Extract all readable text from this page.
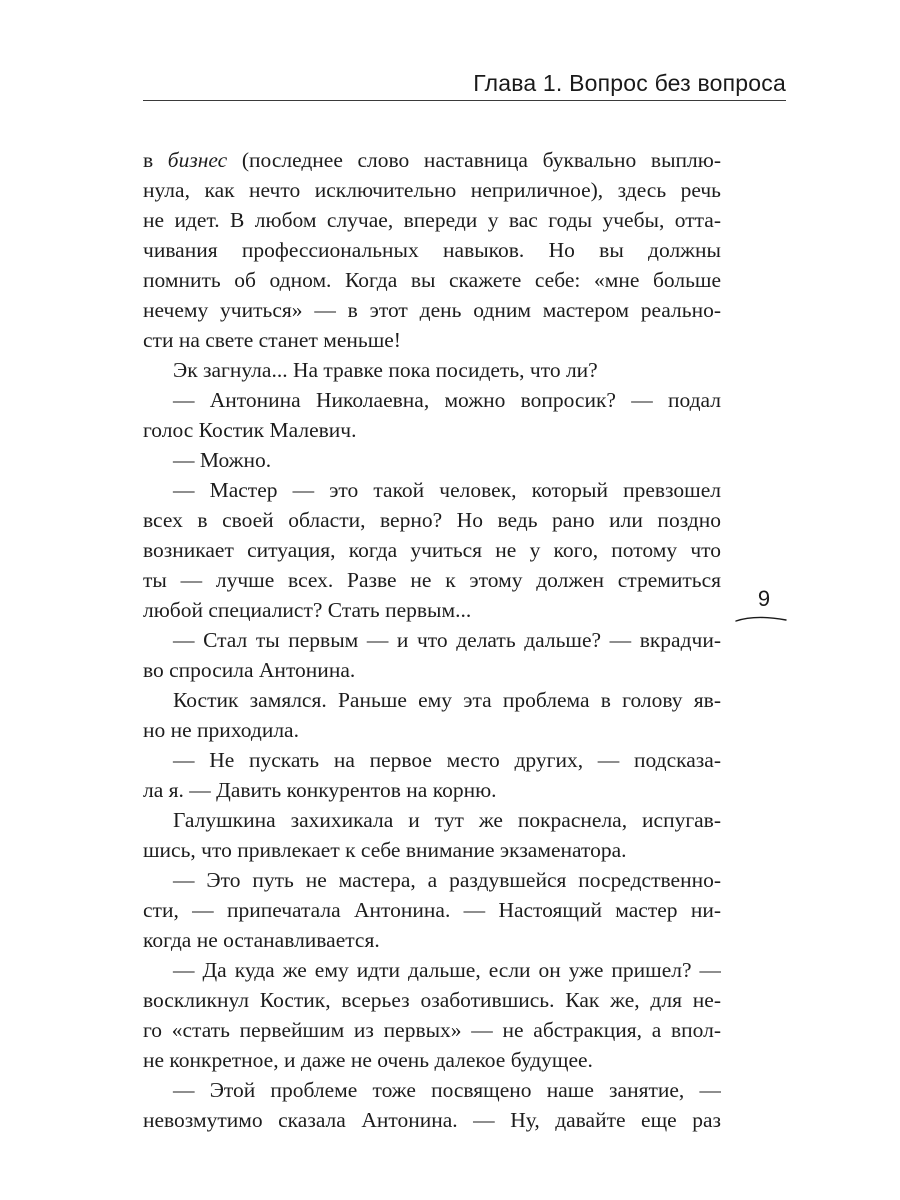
Глава 1. Вопрос без вопроса
9
в бизнес (последнее слово наставница буквально выплю-
нула, как нечто исключительно неприличное), здесь речь
не идет. В любом случае, впереди у вас годы учебы, отта-
чивания профессиональных навыков. Но вы должны
помнить об одном. Когда вы скажете себе: «мне больше
нечему учиться» — в этот день одним мастером реально-
сти на свете станет меньше!
Эк загнула... На травке пока посидеть, что ли?
— Антонина Николаевна, можно вопросик? — подал
голос Костик Малевич.
— Можно.
— Мастер — это такой человек, который превзошел
всех в своей области, верно? Но ведь рано или поздно
возникает ситуация, когда учиться не у кого, потому что
ты — лучше всех. Разве не к этому должен стремиться
любой специалист? Стать первым...
— Стал ты первым — и что делать дальше? — вкрадчи-
во спросила Антонина.
Костик замялся. Раньше ему эта проблема в голову яв-
но не приходила.
— Не пускать на первое место других, — подсказа-
ла я. — Давить конкурентов на корню.
Галушкина захихикала и тут же покраснела, испугав-
шись, что привлекает к себе внимание экзаменатора.
— Это путь не мастера, а раздувшейся посредственно-
сти, — припечатала Антонина. — Настоящий мастер ни-
когда не останавливается.
— Да куда же ему идти дальше, если он уже пришел? —
воскликнул Костик, всерьез озаботившись. Как же, для не-
го «стать первейшим из первых» — не абстракция, а впол-
не конкретное, и даже не очень далекое будущее.
— Этой проблеме тоже посвящено наше занятие, —
невозмутимо сказала Антонина. — Ну, давайте еще раз
